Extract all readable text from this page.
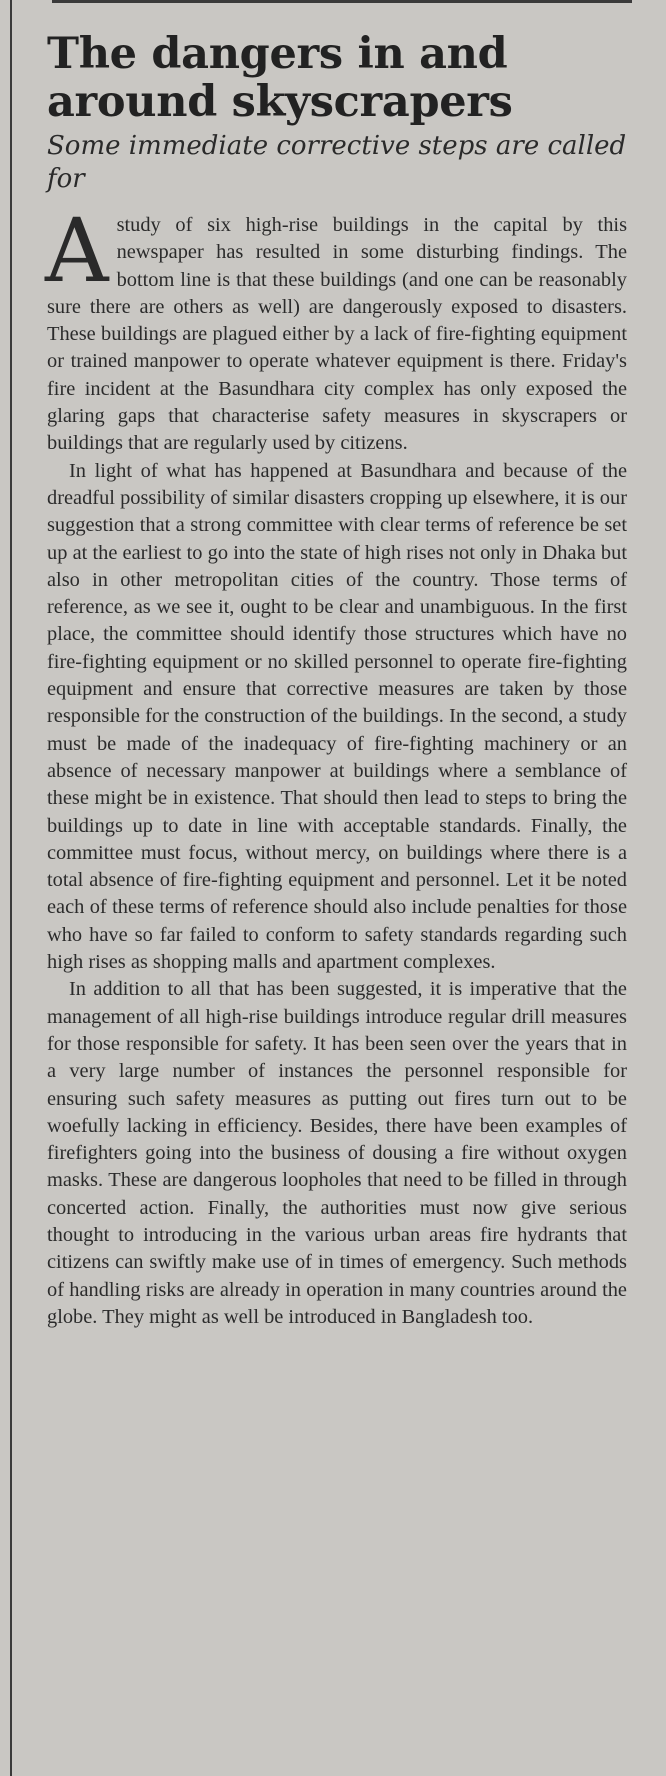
The dangers in and around skyscrapers
Some immediate corrective steps are called for

Astudy of six high-rise buildings in the capital by this newspaper has resulted in some disturbing findings. The bottom line is that these buildings (and one can be reasonably sure there are others as well) are dangerously exposed to disasters. These buildings are plagued either by a lack of fire-fighting equipment or trained manpower to operate whatever equipment is there. Friday's fire incident at the Basundhara city complex has only exposed the glaring gaps that characterise safety measures in skyscrapers or buildings that are regularly used by citizens.

In light of what has happened at Basundhara and because of the dreadful possibility of similar disasters cropping up elsewhere, it is our suggestion that a strong committee with clear terms of reference be set up at the earliest to go into the state of high rises not only in Dhaka but also in other metropolitan cities of the country. Those terms of reference, as we see it, ought to be clear and unambiguous. In the first place, the committee should identify those structures which have no fire-fighting equipment or no skilled personnel to operate fire-fighting equipment and ensure that corrective measures are taken by those responsible for the construction of the buildings. In the second, a study must be made of the inadequacy of fire-fighting machinery or an absence of necessary manpower at buildings where a semblance of these might be in existence. That should then lead to steps to bring the buildings up to date in line with acceptable standards. Finally, the committee must focus, without mercy, on buildings where there is a total absence of fire-fighting equipment and personnel. Let it be noted each of these terms of reference should also include penalties for those who have so far failed to conform to safety standards regarding such high rises as shopping malls and apartment complexes.

In addition to all that has been suggested, it is imperative that the management of all high-rise buildings introduce regular drill measures for those responsible for safety. It has been seen over the years that in a very large number of instances the personnel responsible for ensuring such safety measures as putting out fires turn out to be woefully lacking in efficiency. Besides, there have been examples of firefighters going into the business of dousing a fire without oxygen masks. These are dangerous loopholes that need to be filled in through concerted action. Finally, the authorities must now give serious thought to introducing in the various urban areas fire hydrants that citizens can swiftly make use of in times of emergency. Such methods of handling risks are already in operation in many countries around the globe. They might as well be introduced in Bangladesh too.
